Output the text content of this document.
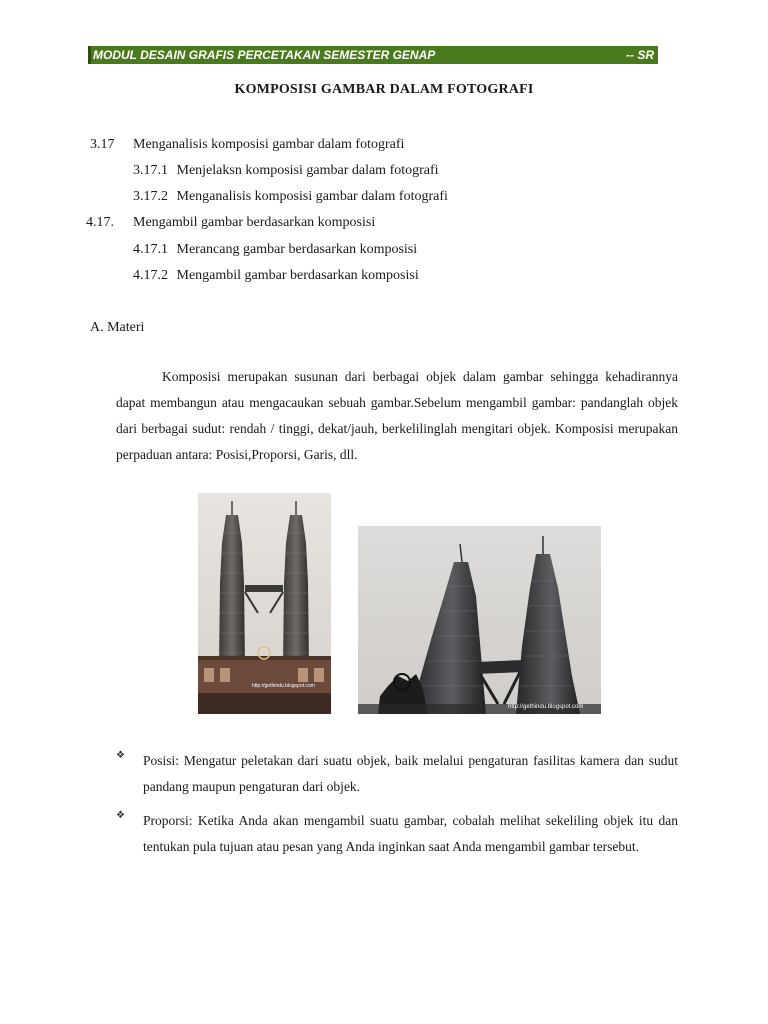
MODUL DESAIN GRAFIS PERCETAKAN SEMESTER GENAP	-- SR
KOMPOSISI GAMBAR DALAM FOTOGRAFI
3.17 Menganalisis komposisi gambar dalam fotografi
3.17.1 Menjelaksn komposisi gambar dalam fotografi
3.17.2 Menganalisis komposisi gambar dalam fotografi
4.17. Mengambil gambar berdasarkan komposisi
4.17.1 Merancang gambar berdasarkan komposisi
4.17.2 Mengambil gambar berdasarkan komposisi
A. Materi
Komposisi merupakan susunan dari berbagai objek dalam gambar sehingga kehadirannya dapat membangun atau mengacaukan sebuah gambar.Sebelum mengambil gambar: pandanglah objek dari berbagai sudut: rendah / tinggi, dekat/jauh, berkelilinglah mengitari objek. Komposisi merupakan perpaduan antara: Posisi,Proporsi, Garis, dll.
http://gethindu.blogspot.com
http://gethindu.blogspot.com
❖ Posisi: Mengatur peletakan dari suatu objek, baik melalui pengaturan fasilitas kamera dan sudut pandang maupun pengaturan dari objek.
❖ Proporsi: Ketika Anda akan mengambil suatu gambar, cobalah melihat sekeliling objek itu dan tentukan pula tujuan atau pesan yang Anda inginkan saat Anda mengambil gambar tersebut.
